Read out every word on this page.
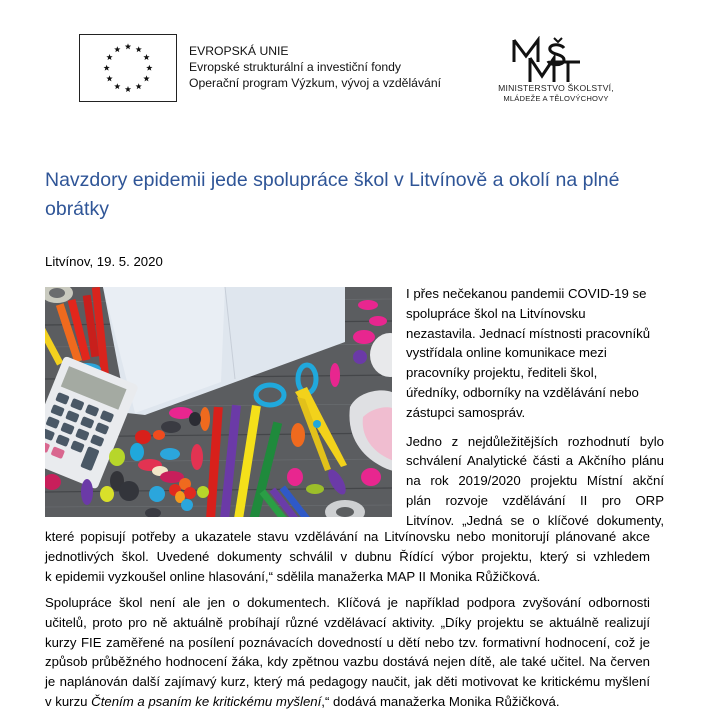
EVROPSKÁ UNIE
Evropské strukturální a investiční fondy
Operační program Výzkum, vývoj a vzdělávání	MINISTERSTVO ŠKOLSTVÍ,
MLÁDEŽE A TĚLOVÝCHOVY
Navzdory epidemii jede spolupráce škol v Litvínově a okolí na plné obrátky
Litvínov, 19. 5. 2020

I přes nečekanou pandemii COVID-19 se
spolupráce škol na Litvínovsku
nezastavila. Jednací místnosti pracovníků
vystřídala online komunikace mezi
pracovníky projektu, řediteli škol,
úředníky, odborníky na vzdělávání nebo
zástupci samospráv.

Jedno z nejdůležitějších rozhodnutí bylo
schválení Analytické části a Akčního plánu
na rok 2019/2020 projektu Místní akční
plán rozvoje vzdělávání II pro ORP
Litvínov. „Jedná se o klíčové dokumenty,

které popisují potřeby a ukazatele stavu vzdělávání na Litvínovsku nebo monitorují plánované akce
jednotlivých škol. Uvedené dokumenty schválil v dubnu Řídící výbor projektu, který si vzhledem
k epidemii vyzkoušel online hlasování,“ sdělila manažerka MAP II Monika Růžičková.
Spolupráce škol není ale jen o dokumentech. Klíčová je například podpora zvyšování odbornosti
učitelů, proto pro ně aktuálně probíhají různé vzdělávací aktivity. „Díky projektu se aktuálně realizují
kurzy FIE zaměřené na posílení poznávacích dovedností u dětí nebo tzv. formativní hodnocení, což je
způsob průběžného hodnocení žáka, kdy zpětnou vazbu dostává nejen dítě, ale také učitel. Na červen
je naplánován další zajímavý kurz, který má pedagogy naučit, jak děti motivovat ke kritickému myšlení
v kurzu Čtením a psaním ke kritickému myšlení,“ dodává manažerka Monika Růžičková.
